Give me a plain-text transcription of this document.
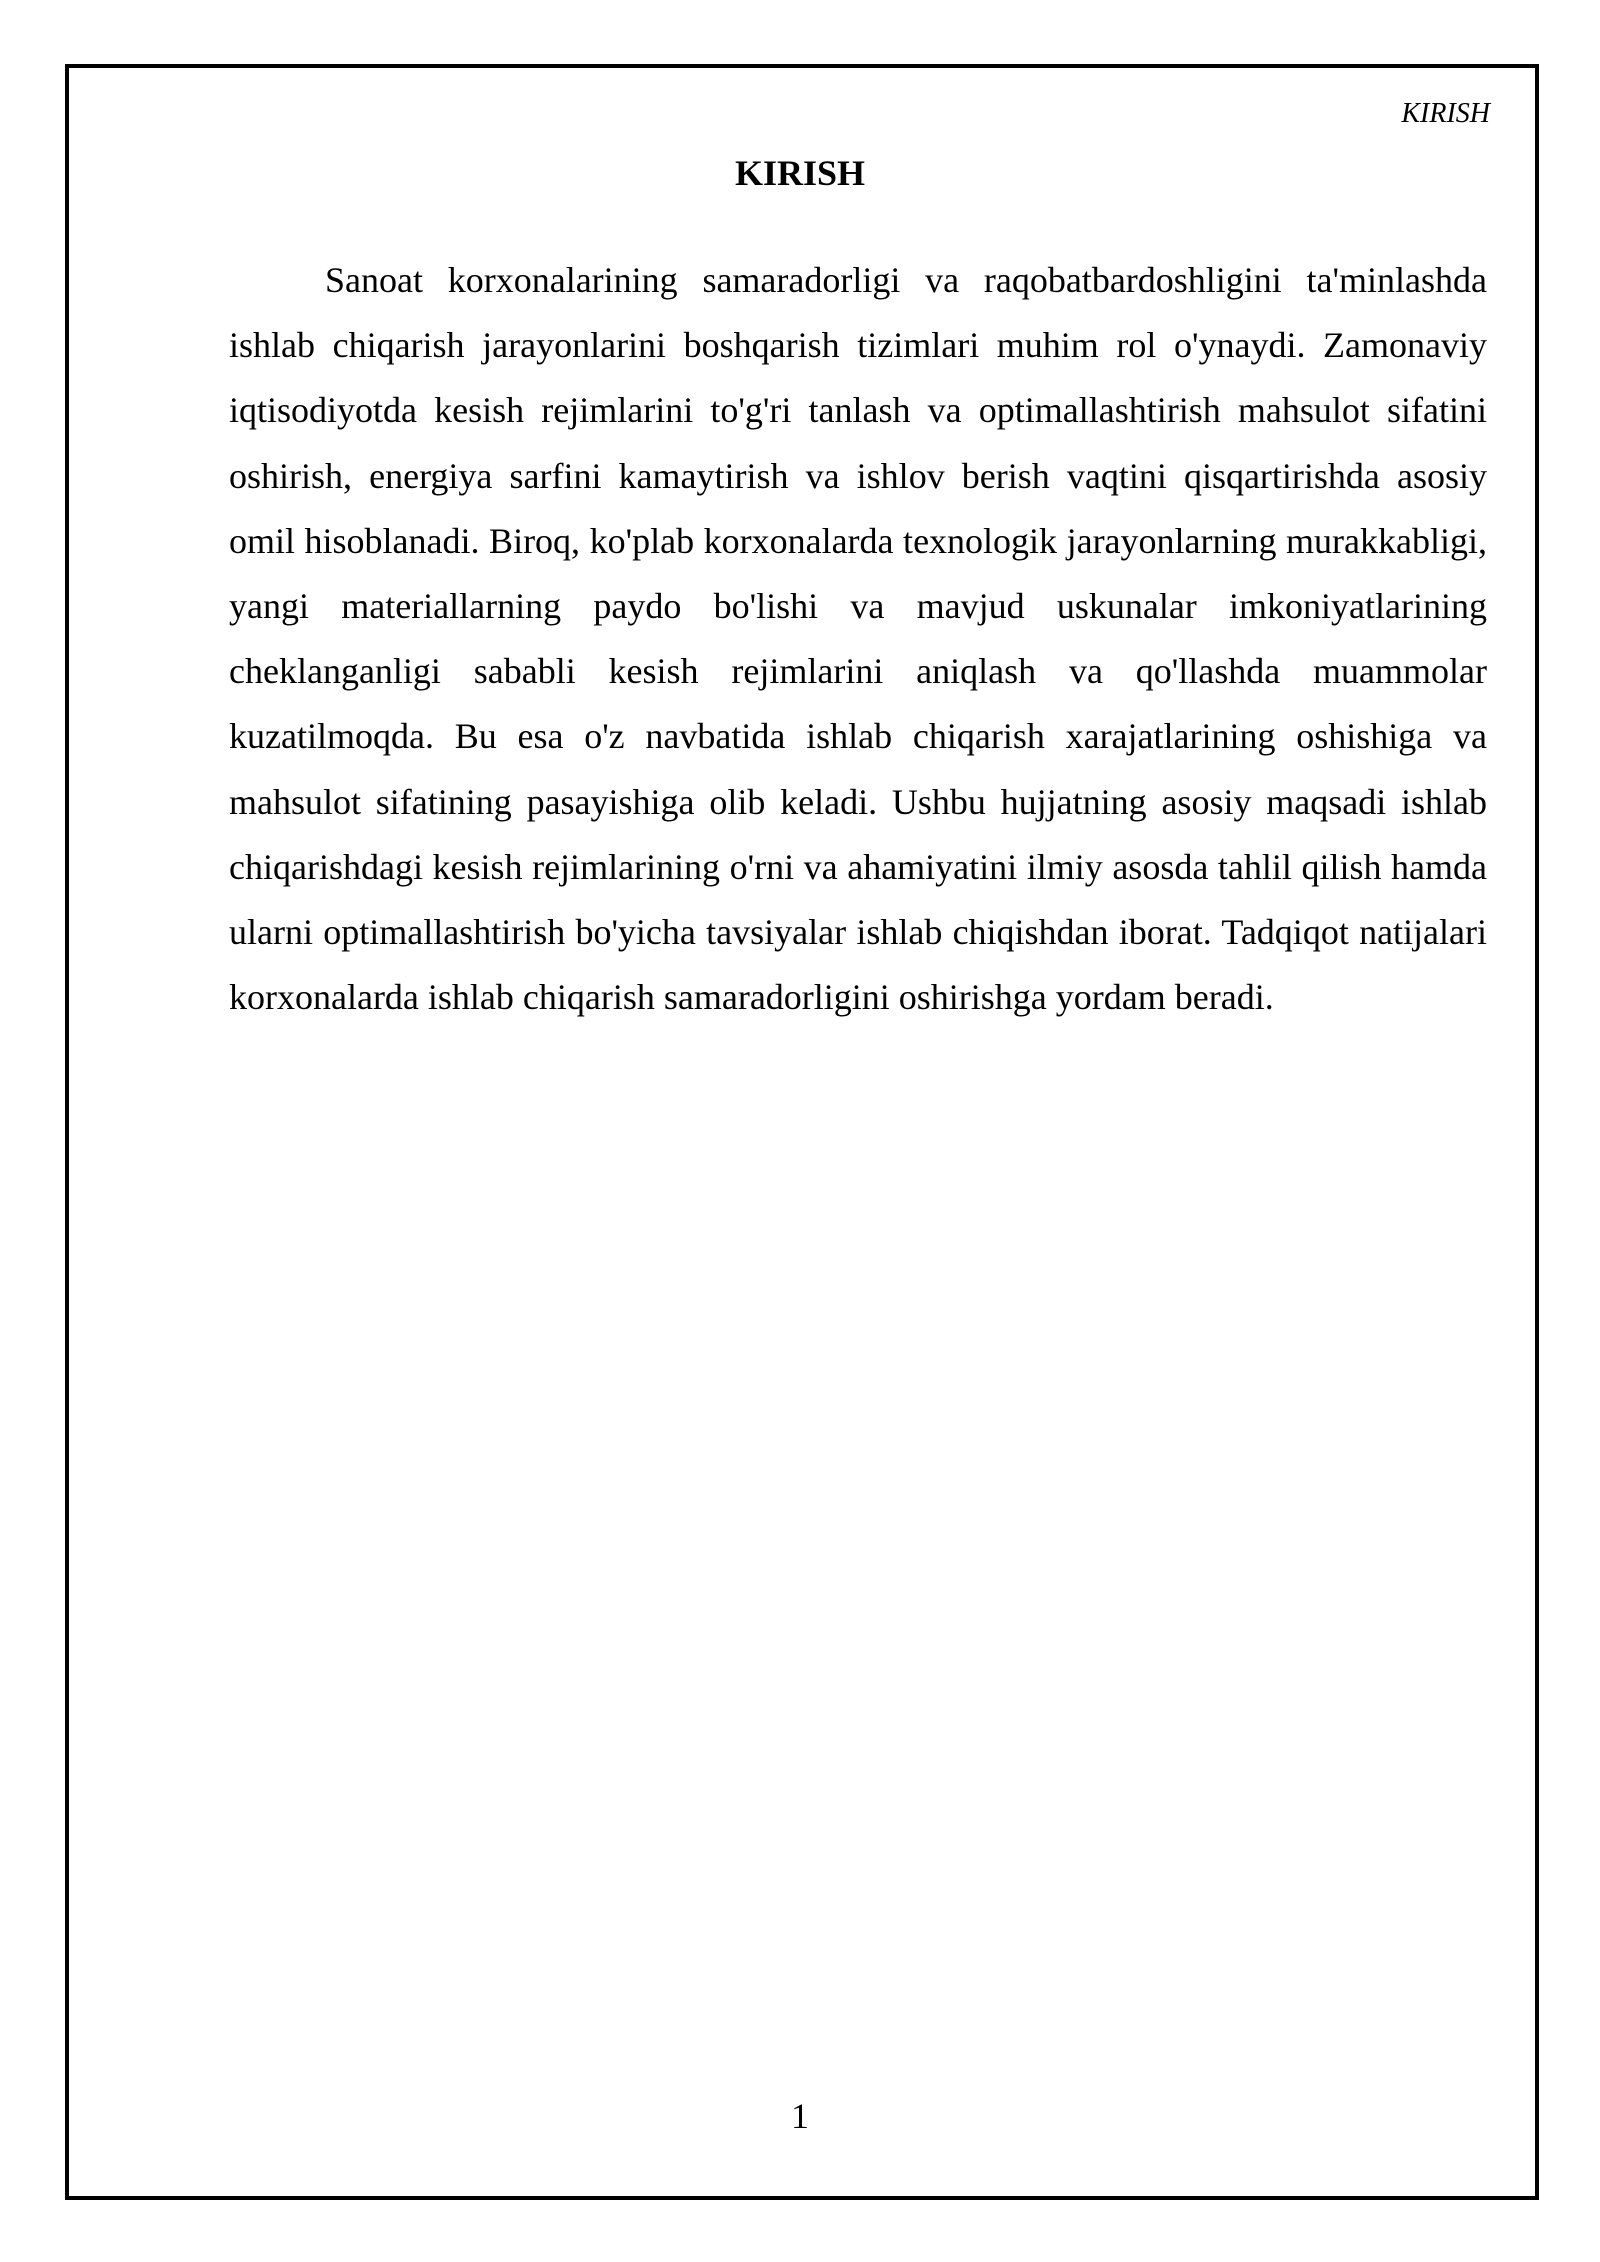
KIRISH
KIRISH

Sanoat korxonalarining samaradorligi va raqobatbardoshligini ta'minlashda ishlab chiqarish jarayonlarini boshqarish tizimlari muhim rol o'ynaydi. Zamonaviy iqtisodiyotda kesish rejimlarini to'g'ri tanlash va optimallashtirish mahsulot sifatini oshirish, energiya sarfini kamaytirish va ishlov berish vaqtini qisqartirishda asosiy omil hisoblanadi. Biroq, ko'plab korxonalarda texnologik jarayonlarning murakkabligi, yangi materiallarning paydo bo'lishi va mavjud uskunalar imkoniyatlarining cheklanganligi sababli kesish rejimlarini aniqlash va qo'llashda muammolar kuzatilmoqda. Bu esa o'z navbatida ishlab chiqarish xarajatlarining oshishiga va mahsulot sifatining pasayishiga olib keladi. Ushbu hujjatning asosiy maqsadi ishlab chiqarishdagi kesish rejimlarining o'rni va ahamiyatini ilmiy asosda tahlil qilish hamda ularni optimallashtirish bo'yicha tavsiyalar ishlab chiqishdan iborat. Tadqiqot natijalari korxonalarda ishlab chiqarish samaradorligini oshirishga yordam beradi.

1
